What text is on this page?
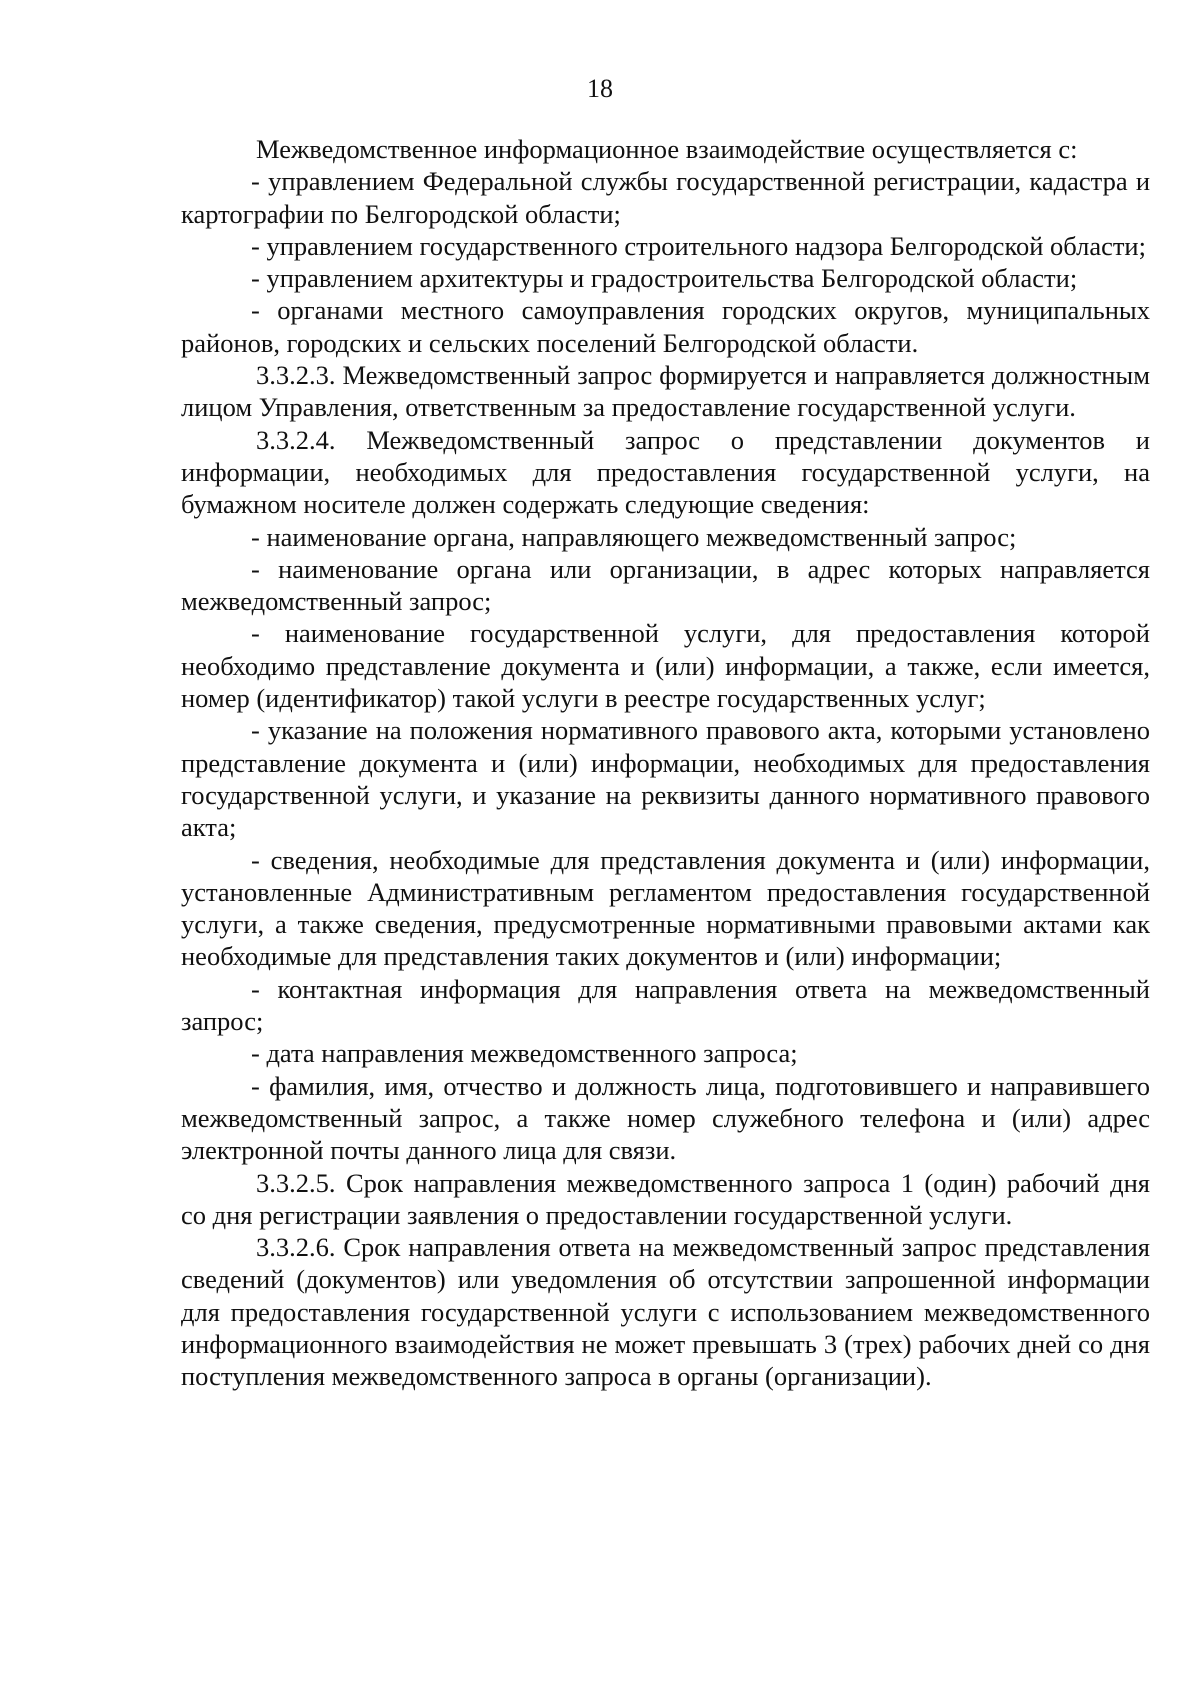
18

Межведомственное информационное взаимодействие осуществляется с:

- управлением Федеральной службы государственной регистрации, кадастра и картографии по Белгородской области;

- управлением государственного строительного надзора Белгородской области;

- управлением архитектуры и градостроительства Белгородской области;

- органами местного самоуправления городских округов, муниципальных районов, городских и сельских поселений Белгородской области.

3.3.2.3. Межведомственный запрос формируется и направляется должностным лицом Управления, ответственным за предоставление государственной услуги.

3.3.2.4. Межведомственный запрос о представлении документов и информации, необходимых для предоставления государственной услуги, на бумажном носителе должен содержать следующие сведения:

- наименование органа, направляющего межведомственный запрос;

- наименование органа или организации, в адрес которых направляется межведомственный запрос;

- наименование государственной услуги, для предоставления которой необходимо представление документа и (или) информации, а также, если имеется, номер (идентификатор) такой услуги в реестре государственных услуг;

- указание на положения нормативного правового акта, которыми установлено представление документа и (или) информации, необходимых для предоставления государственной услуги, и указание на реквизиты данного нормативного правового акта;

- сведения, необходимые для представления документа и (или) информации, установленные Административным регламентом предоставления государственной услуги, а также сведения, предусмотренные нормативными правовыми актами как необходимые для представления таких документов и (или) информации;

- контактная информация для направления ответа на межведомственный запрос;

- дата направления межведомственного запроса;

- фамилия, имя, отчество и должность лица, подготовившего и направившего межведомственный запрос, а также номер служебного телефона и (или) адрес электронной почты данного лица для связи.

3.3.2.5. Срок направления межведомственного запроса 1 (один) рабочий дня со дня регистрации заявления о предоставлении государственной услуги.

3.3.2.6. Срок направления ответа на межведомственный запрос представления сведений (документов) или уведомления об отсутствии запрошенной информации для предоставления государственной услуги с использованием межведомственного информационного взаимодействия не может превышать 3 (трех) рабочих дней со дня поступления межведомственного запроса в органы (организации).
